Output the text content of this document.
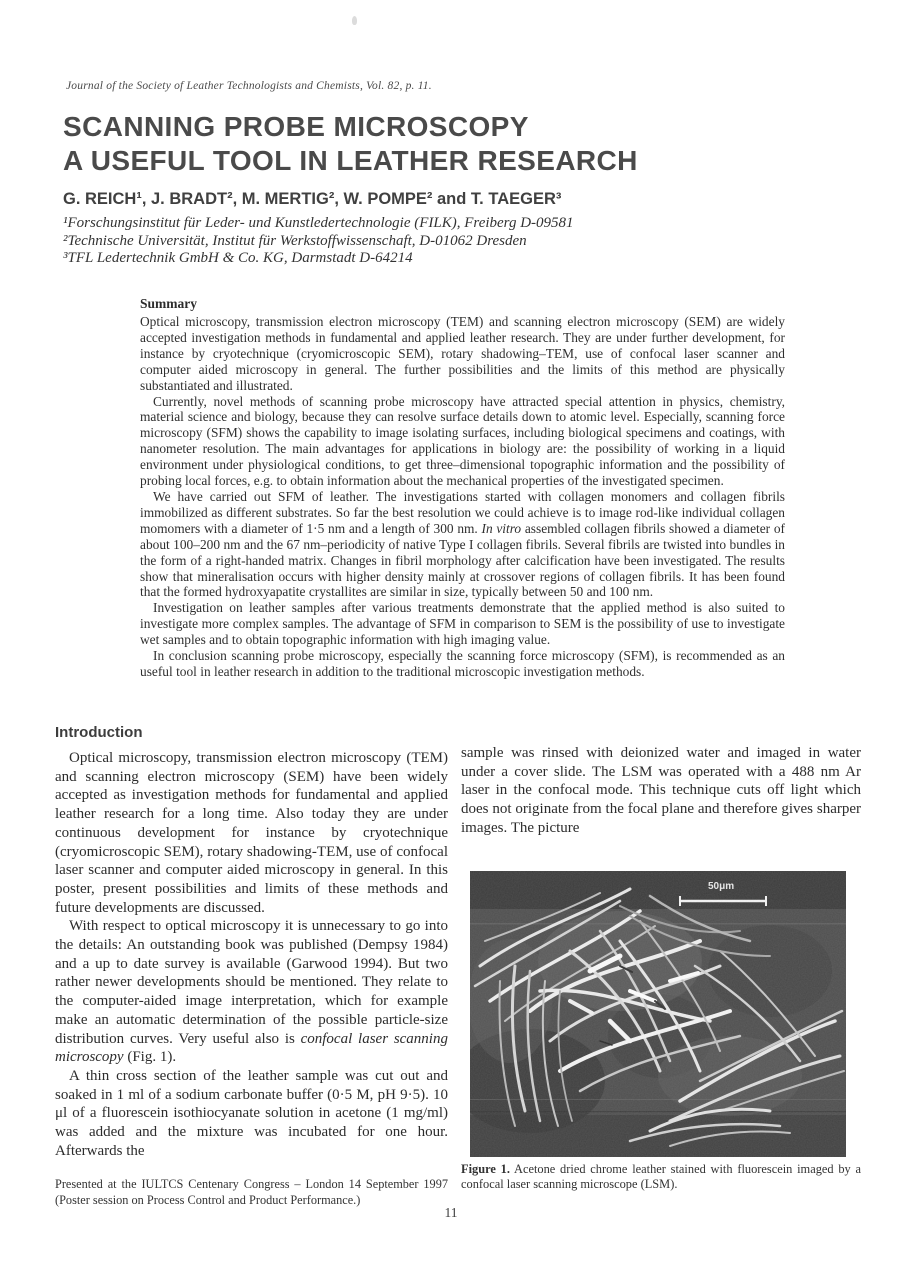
Journal of the Society of Leather Technologists and Chemists, Vol. 82, p. 11.
SCANNING PROBE MICROSCOPY
A USEFUL TOOL IN LEATHER RESEARCH
G. REICH¹, J. BRADT², M. MERTIG², W. POMPE² and T. TAEGER³
¹Forschungsinstitut für Leder- und Kunstledertechnologie (FILK), Freiberg D-09581
²Technische Universität, Institut für Werkstoffwissenschaft, D-01062 Dresden
³TFL Ledertechnik GmbH & Co. KG, Darmstadt D-64214
Summary

Optical microscopy, transmission electron microscopy (TEM) and scanning electron microscopy (SEM) are widely accepted investigation methods in fundamental and applied leather research. They are under further development, for instance by cryotechnique (cryomicroscopic SEM), rotary shadowing–TEM, use of confocal laser scanner and computer aided microscopy in general. The further possibilities and the limits of this method are physically substantiated and illustrated.

Currently, novel methods of scanning probe microscopy have attracted special attention in physics, chemistry, material science and biology, because they can resolve surface details down to atomic level. Especially, scanning force microscopy (SFM) shows the capability to image isolating surfaces, including biological specimens and coatings, with nanometer resolution. The main advantages for applications in biology are: the possibility of working in a liquid environment under physiological conditions, to get three–dimensional topographic information and the possibility of probing local forces, e.g. to obtain information about the mechanical properties of the investigated specimen.

We have carried out SFM of leather. The investigations started with collagen monomers and collagen fibrils immobilized as different substrates. So far the best resolution we could achieve is to image rod-like individual collagen momomers with a diameter of 1·5 nm and a length of 300 nm. In vitro assembled collagen fibrils showed a diameter of about 100–200 nm and the 67 nm–periodicity of native Type I collagen fibrils. Several fibrils are twisted into bundles in the form of a right-handed matrix. Changes in fibril morphology after calcification have been investigated. The results show that mineralisation occurs with higher density mainly at crossover regions of collagen fibrils. It has been found that the formed hydroxyapatite crystallites are similar in size, typically between 50 and 100 nm.

Investigation on leather samples after various treatments demonstrate that the applied method is also suited to investigate more complex samples. The advantage of SFM in comparison to SEM is the possibility of use to investigate wet samples and to obtain topographic information with high imaging value.

In conclusion scanning probe microscopy, especially the scanning force microscopy (SFM), is recommended as an useful tool in leather research in addition to the traditional microscopic investigation methods.

Introduction

Optical microscopy, transmission electron microscopy (TEM) and scanning electron microscopy (SEM) have been widely accepted as investigation methods for fundamental and applied leather research for a long time. Also today they are under continuous development for instance by cryotechnique (cryomicroscopic SEM), rotary shadowing-TEM, use of confocal laser scanner and computer aided microscopy in general. In this poster, present possibilities and limits of these methods and future developments are discussed.

With respect to optical microscopy it is unnecessary to go into the details: An outstanding book was published (Dempsy 1984) and a up to date survey is available (Garwood 1994). But two rather newer developments should be mentioned. They relate to the computer-aided image interpretation, which for example make an automatic determination of the possible particle-size distribution curves. Very useful also is confocal laser scanning microscopy (Fig. 1).

A thin cross section of the leather sample was cut out and soaked in 1 ml of a sodium carbonate buffer (0·5 M, pH 9·5). 10 μl of a fluorescein isothiocyanate solution in acetone (1 mg/ml) was added and the mixture was incubated for one hour. Afterwards the

Presented at the IULTCS Centenary Congress – London 14 September 1997 (Poster session on Process Control and Product Performance.)

sample was rinsed with deionized water and imaged in water under a cover slide. The LSM was operated with a 488 nm Ar laser in the confocal mode. This technique cuts off light which does not originate from the focal plane and therefore gives sharper images. The picture

50μm
Figure 1. Acetone dried chrome leather stained with fluorescein imaged by a confocal laser scanning microscope (LSM).
11
